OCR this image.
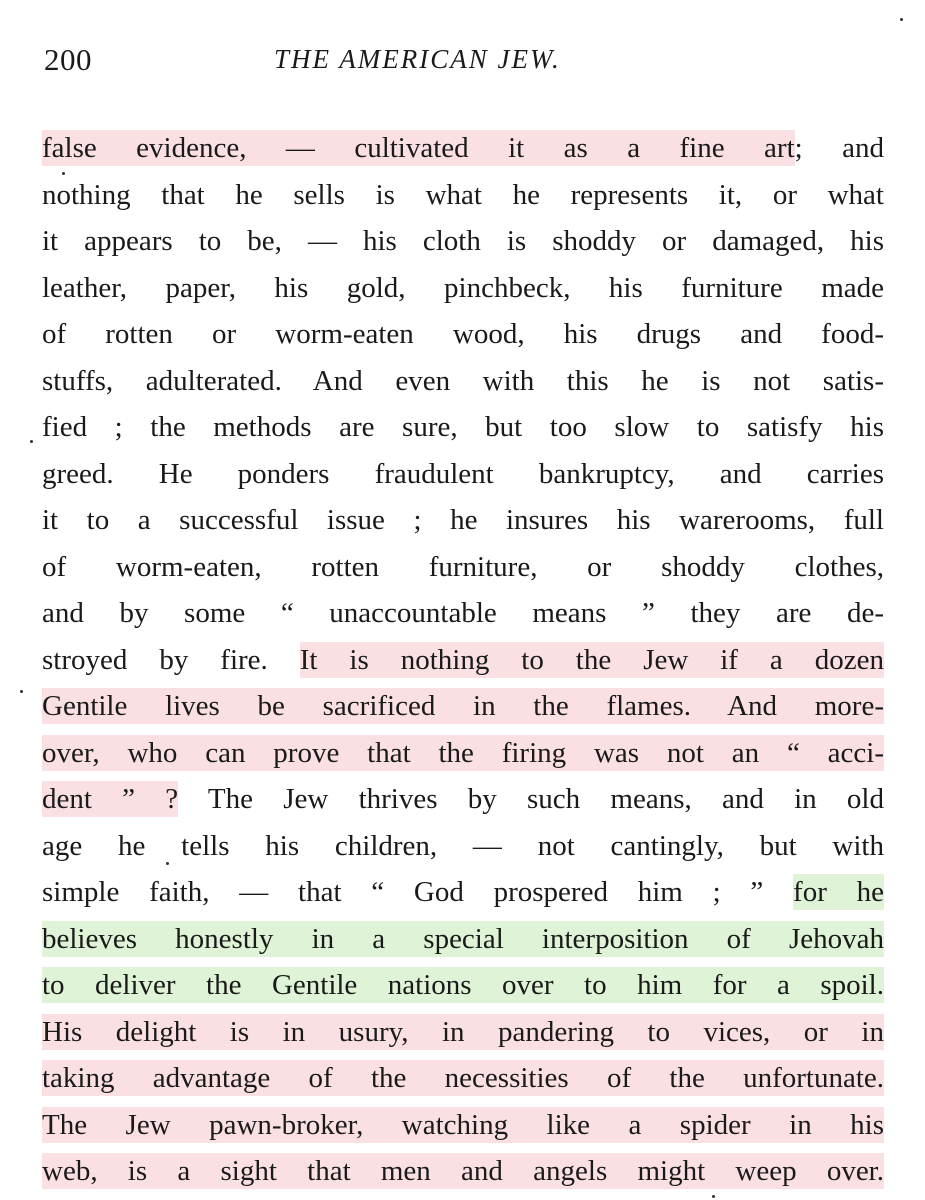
200	THE AMERICAN JEW.
false evidence, — cultivated it as a fine art; and
nothing that he sells is what he represents it, or what
it appears to be, — his cloth is shoddy or damaged, his
leather, paper, his gold, pinchbeck, his furniture made
of rotten or worm-eaten wood, his drugs and food-
stuffs, adulterated. And even with this he is not satis-
fied ; the methods are sure, but too slow to satisfy his
greed. He ponders fraudulent bankruptcy, and carries
it to a successful issue ; he insures his warerooms, full
of worm-eaten, rotten furniture, or shoddy clothes,
and by some “ unaccountable means ” they are de-
stroyed by fire. It is nothing to the Jew if a dozen
Gentile lives be sacrificed in the flames. And more-
over, who can prove that the firing was not an “ acci-
dent ” ? The Jew thrives by such means, and in old
age he tells his children, — not cantingly, but with
simple faith, — that “ God prospered him ; ” for he
believes honestly in a special interposition of Jehovah
to deliver the Gentile nations over to him for a spoil.
His delight is in usury, in pandering to vices, or in
taking advantage of the necessities of the unfortunate.
The Jew pawn-broker, watching like a spider in his
web, is a sight that men and angels might weep over.
